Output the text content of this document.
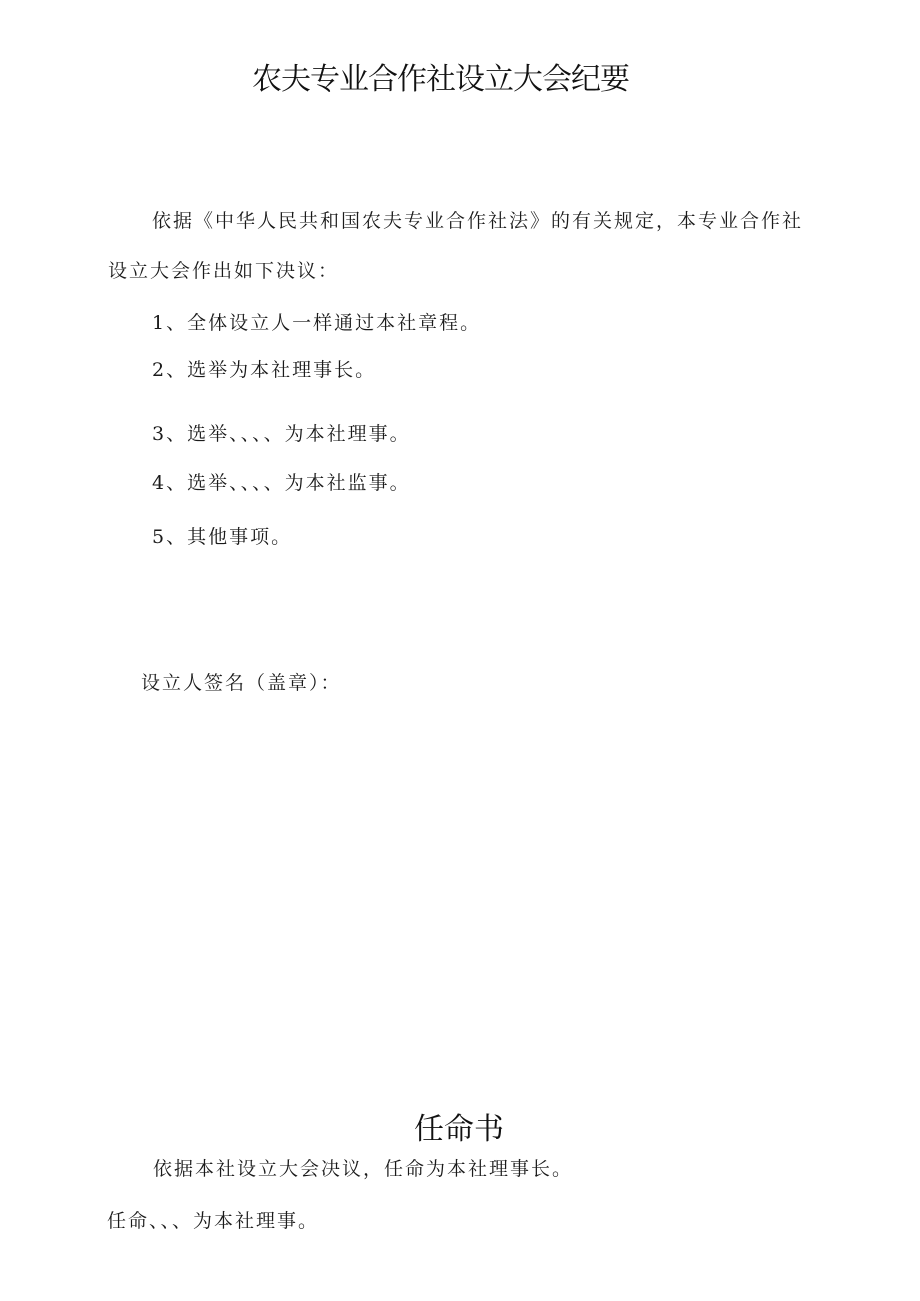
农夫专业合作社设立大会纪要
依据《中华人民共和国农夫专业合作社法》的有关规定，本专业合作社
设立大会作出如下决议：
1、全体设立人一样通过本社章程。
2、选举为本社理事长。
3、选举、、、、为本社理事。
4、选举、、、、为本社监事。
5、其他事项。
设立人签名（盖章）：
任命书
依据本社设立大会决议，任命为本社理事长。
任命、、、为本社理事。
